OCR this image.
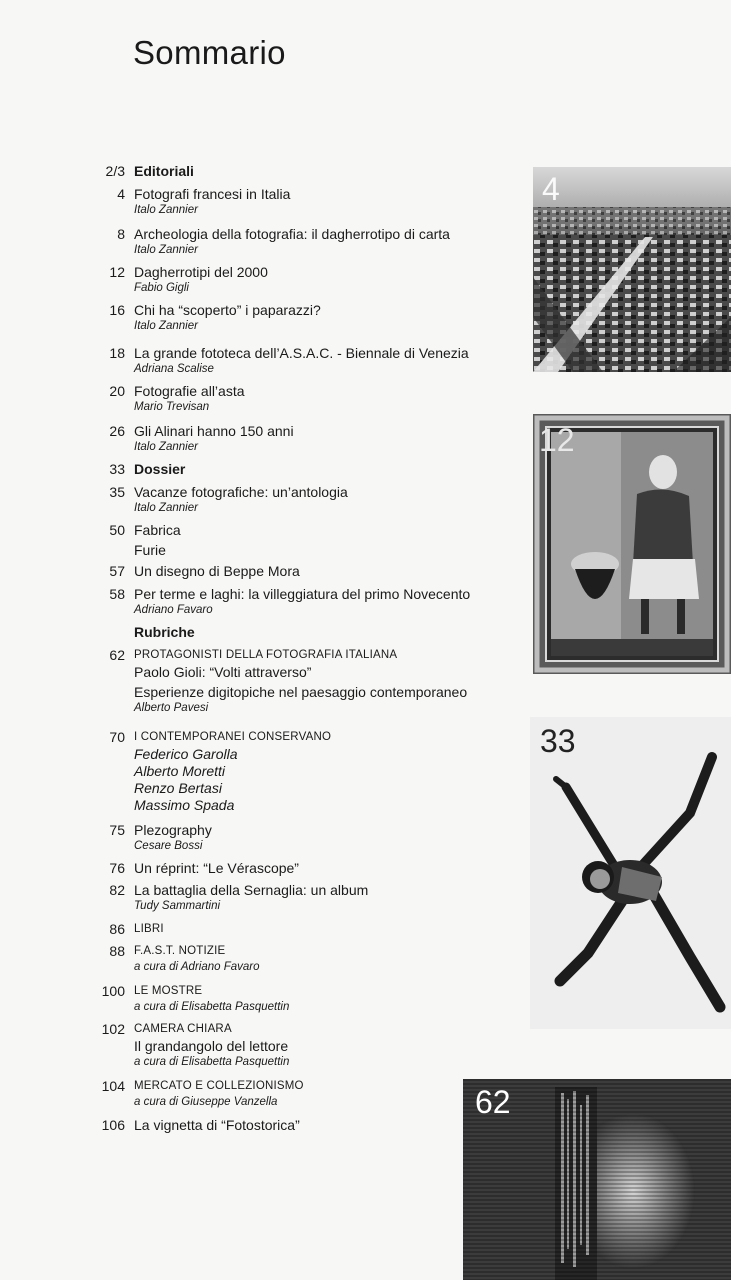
Sommario
2/3 Editoriali
4 Fotografi francesi in Italia
Italo Zannier
8 Archeologia della fotografia: il dagherrotipo di carta
Italo Zannier
12 Dagherrotipi del 2000
Fabio Gigli
16 Chi ha “scoperto” i paparazzi?
Italo Zannier
18 La grande fototeca dell’A.S.A.C. - Biennale di Venezia
Adriana Scalise
20 Fotografie all’asta
Mario Trevisan
26 Gli Alinari hanno 150 anni
Italo Zannier
33 Dossier
35 Vacanze fotografiche: un’antologia
Italo Zannier
50 Fabrica
Furie
57 Un disegno di Beppe Mora
58 Per terme e laghi: la villeggiatura del primo Novecento
Adriano Favaro
Rubriche
62 PROTAGONISTI DELLA FOTOGRAFIA ITALIANA
Paolo Gioli: “Volti attraverso”
Esperienze digitopiche nel paesaggio contemporaneo
Alberto Pavesi
70 I CONTEMPORANEI CONSERVANO
Federico Garolla
Alberto Moretti
Renzo Bertasi
Massimo Spada
75 Plezography
Cesare Bossi
76 Un réprint: “Le Vérascope”
82 La battaglia della Sernaglia: un album
Tudy Sammartini
86 LIBRI
88 F.A.S.T. NOTIZIE
a cura di Adriano Favaro
100 LE MOSTRE
a cura di Elisabetta Pasquettin
102 CAMERA CHIARA
Il grandangolo del lettore
a cura di Elisabetta Pasquettin
104 MERCATO E COLLEZIONISMO
a cura di Giuseppe Vanzella
106 La vignetta di “Fotostorica”
4
12
33
62
